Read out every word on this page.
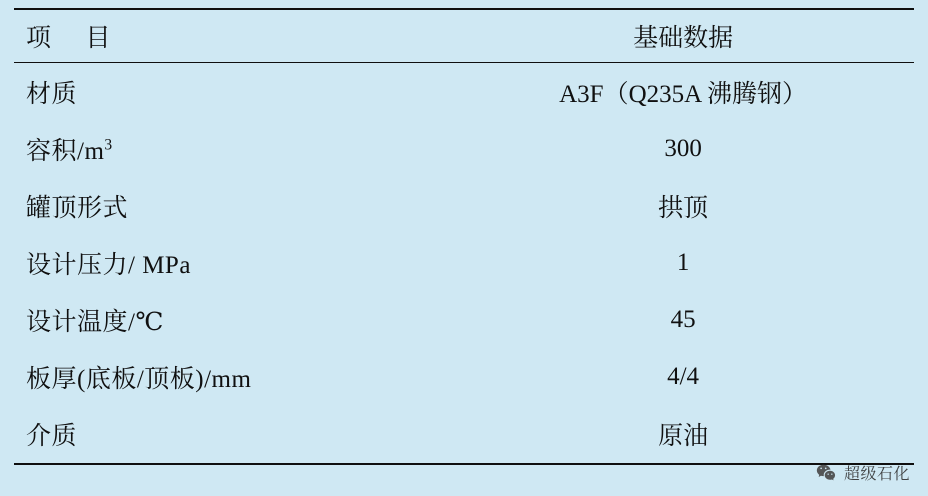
项 目	基础数据
材质	A3F（Q235A 沸腾钢）
容积$/m^3$	300
罐顶形式	拱顶
设计压力/ MPa	1
设计温度/℃	45
板厚(底板/顶板)/mm	4/4
介质	原油
超级石化
